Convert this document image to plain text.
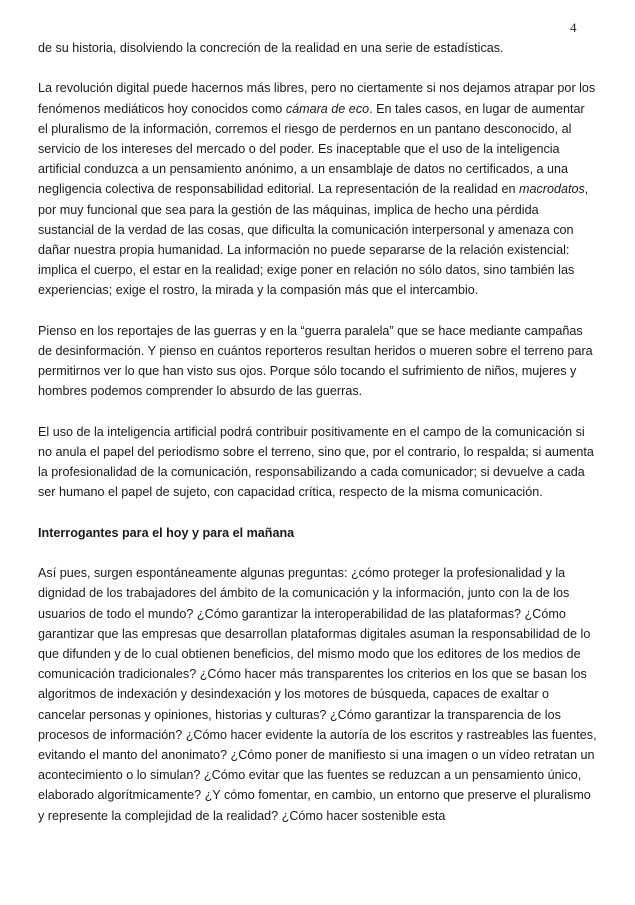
4

de su historia, disolviendo la concreción de la realidad en una serie de estadísticas.

La revolución digital puede hacernos más libres, pero no ciertamente si nos dejamos atrapar por los fenómenos mediáticos hoy conocidos como cámara de eco. En tales casos, en lugar de aumentar el pluralismo de la información, corremos el riesgo de perdernos en un pantano desconocido, al servicio de los intereses del mercado o del poder. Es inaceptable que el uso de la inteligencia artificial conduzca a un pensamiento anónimo, a un ensamblaje de datos no certificados, a una negligencia colectiva de responsabilidad editorial. La representación de la realidad en macrodatos, por muy funcional que sea para la gestión de las máquinas, implica de hecho una pérdida sustancial de la verdad de las cosas, que dificulta la comunicación interpersonal y amenaza con dañar nuestra propia humanidad. La información no puede separarse de la relación existencial: implica el cuerpo, el estar en la realidad; exige poner en relación no sólo datos, sino también las experiencias; exige el rostro, la mirada y la compasión más que el intercambio.

Pienso en los reportajes de las guerras y en la “guerra paralela” que se hace mediante campañas de desinformación. Y pienso en cuántos reporteros resultan heridos o mueren sobre el terreno para permitirnos ver lo que han visto sus ojos. Porque sólo tocando el sufrimiento de niños, mujeres y hombres podemos comprender lo absurdo de las guerras.

El uso de la inteligencia artificial podrá contribuir positivamente en el campo de la comunicación si no anula el papel del periodismo sobre el terreno, sino que, por el contrario, lo respalda; si aumenta la profesionalidad de la comunicación, responsabilizando a cada comunicador; si devuelve a cada ser humano el papel de sujeto, con capacidad crítica, respecto de la misma comunicación.

Interrogantes para el hoy y para el mañana

Así pues, surgen espontáneamente algunas preguntas: ¿cómo proteger la profesionalidad y la dignidad de los trabajadores del ámbito de la comunicación y la información, junto con la de los usuarios de todo el mundo? ¿Cómo garantizar la interoperabilidad de las plataformas? ¿Cómo garantizar que las empresas que desarrollan plataformas digitales asuman la responsabilidad de lo que difunden y de lo cual obtienen beneficios, del mismo modo que los editores de los medios de comunicación tradicionales? ¿Cómo hacer más transparentes los criterios en los que se basan los algoritmos de indexación y desindexación y los motores de búsqueda, capaces de exaltar o cancelar personas y opiniones, historias y culturas? ¿Cómo garantizar la transparencia de los procesos de información? ¿Cómo hacer evidente la autoría de los escritos y rastreables las fuentes, evitando el manto del anonimato? ¿Cómo poner de manifiesto si una imagen o un vídeo retratan un acontecimiento o lo simulan? ¿Cómo evitar que las fuentes se reduzcan a un pensamiento único, elaborado algorítmicamente? ¿Y cómo fomentar, en cambio, un entorno que preserve el pluralismo y represente la complejidad de la realidad? ¿Cómo hacer sostenible esta
